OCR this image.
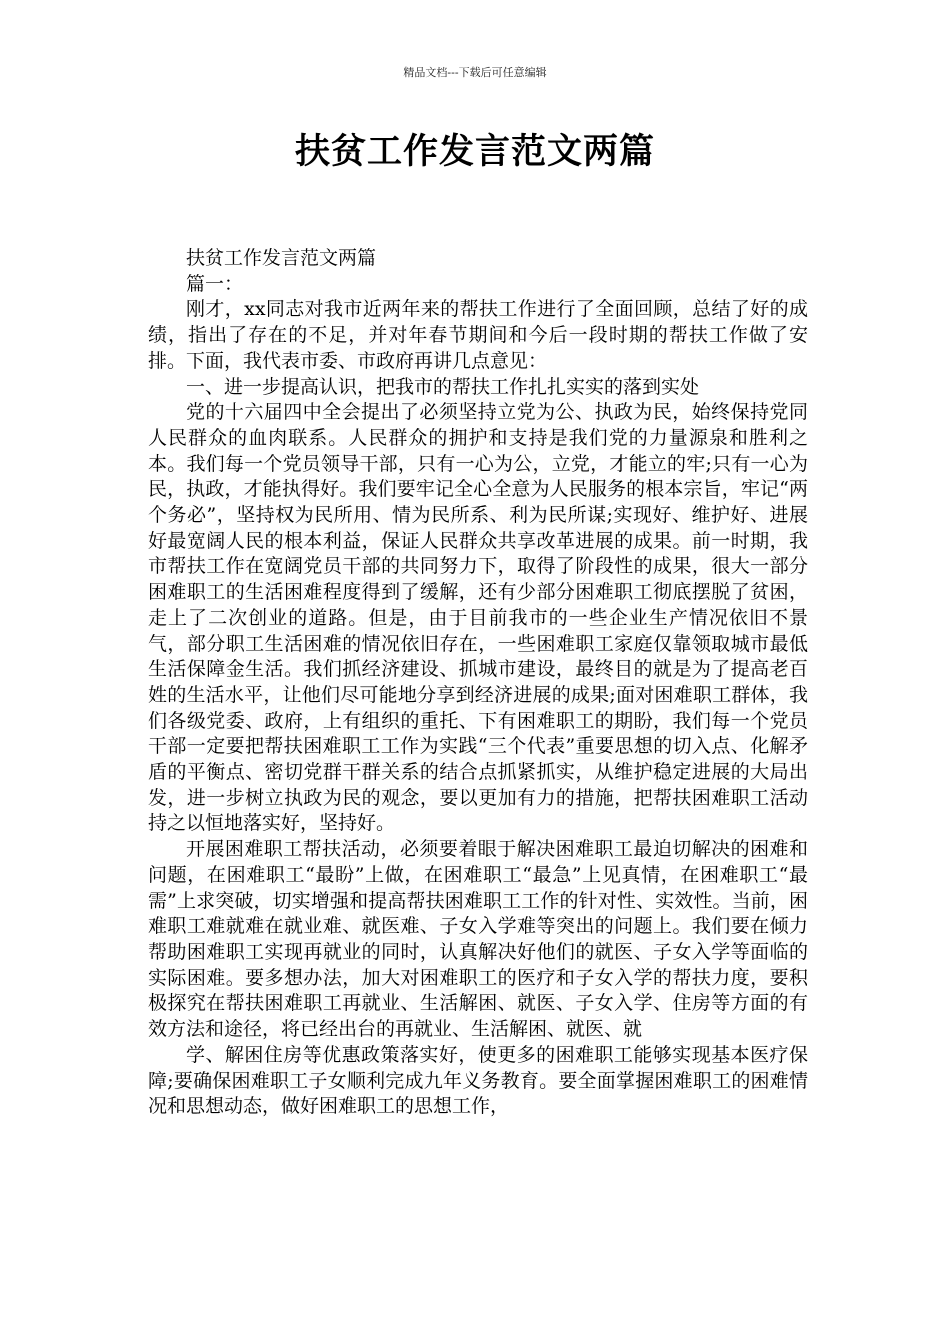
精品文档---下载后可任意编辑
扶贫工作发言范文两篇

扶贫工作发言范文两篇

篇一：

刚才，xx同志对我市近两年来的帮扶工作进行了全面回顾，总结了好的成绩，指出了存在的不足，并对年春节期间和今后一段时期的帮扶工作做了安排。下面，我代表市委、市政府再讲几点意见：

一、进一步提高认识，把我市的帮扶工作扎扎实实的落到实处

党的十六届四中全会提出了必须坚持立党为公、执政为民，始终保持党同人民群众的血肉联系。人民群众的拥护和支持是我们党的力量源泉和胜利之本。我们每一个党员领导干部，只有一心为公，立党，才能立的牢;只有一心为民，执政，才能执得好。我们要牢记全心全意为人民服务的根本宗旨，牢记“两个务必”，坚持权为民所用、情为民所系、利为民所谋;实现好、维护好、进展好最宽阔人民的根本利益，保证人民群众共享改革进展的成果。前一时期，我市帮扶工作在宽阔党员干部的共同努力下，取得了阶段性的成果，很大一部分困难职工的生活困难程度得到了缓解，还有少部分困难职工彻底摆脱了贫困，走上了二次创业的道路。但是，由于目前我市的一些企业生产情况依旧不景气，部分职工生活困难的情况依旧存在，一些困难职工家庭仅靠领取城市最低生活保障金生活。我们抓经济建设、抓城市建设，最终目的就是为了提高老百姓的生活水平，让他们尽可能地分享到经济进展的成果;面对困难职工群体，我们各级党委、政府，上有组织的重托、下有困难职工的期盼，我们每一个党员干部一定要把帮扶困难职工工作为实践“三个代表”重要思想的切入点、化解矛盾的平衡点、密切党群干群关系的结合点抓紧抓实，从维护稳定进展的大局出发，进一步树立执政为民的观念，要以更加有力的措施，把帮扶困难职工活动持之以恒地落实好，坚持好。

开展困难职工帮扶活动，必须要着眼于解决困难职工最迫切解决的困难和问题，在困难职工“最盼”上做，在困难职工“最急”上见真情，在困难职工“最需”上求突破，切实增强和提高帮扶困难职工工作的针对性、实效性。当前，困难职工难就难在就业难、就医难、子女入学难等突出的问题上。我们要在倾力帮助困难职工实现再就业的同时，认真解决好他们的就医、子女入学等面临的实际困难。要多想办法，加大对困难职工的医疗和子女入学的帮扶力度，要积极探究在帮扶困难职工再就业、生活解困、就医、子女入学、住房等方面的有效方法和途径，将已经出台的再就业、生活解困、就医、就

学、解困住房等优惠政策落实好，使更多的困难职工能够实现基本医疗保障;要确保困难职工子女顺利完成九年义务教育。要全面掌握困难职工的困难情况和思想动态，做好困难职工的思想工作，
